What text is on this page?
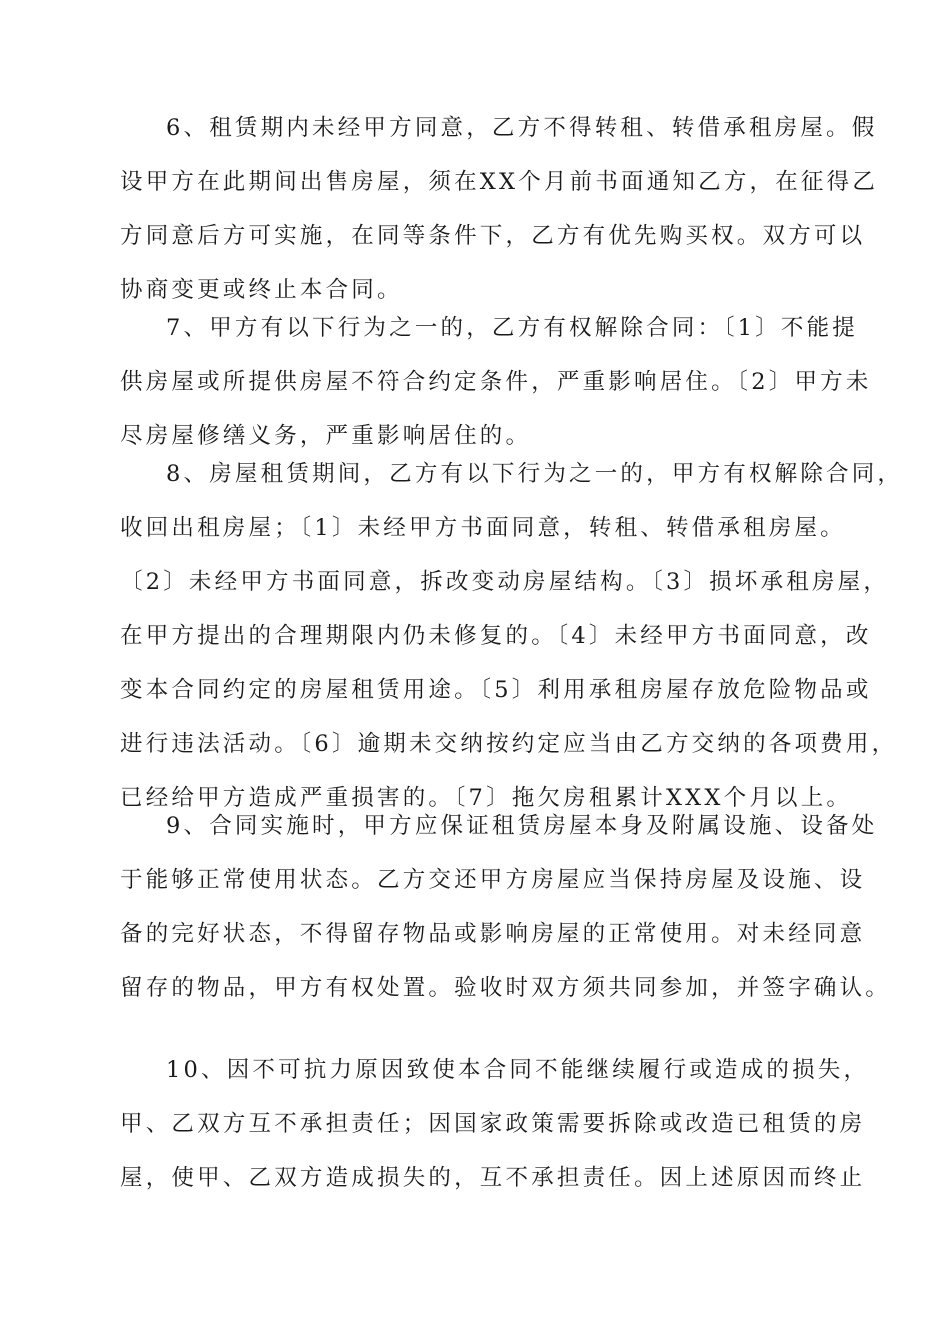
6、租赁期内未经甲方同意，乙方不得转租、转借承租房屋。假
设甲方在此期间出售房屋，须在XX个月前书面通知乙方，在征得乙
方同意后方可实施，在同等条件下，乙方有优先购买权。双方可以
协商变更或终止本合同。
7、甲方有以下行为之一的，乙方有权解除合同：〔1〕不能提
供房屋或所提供房屋不符合约定条件，严重影响居住。〔2〕甲方未
尽房屋修缮义务，严重影响居住的。
8、房屋租赁期间，乙方有以下行为之一的，甲方有权解除合同，
收回出租房屋；〔1〕未经甲方书面同意，转租、转借承租房屋。
〔2〕未经甲方书面同意，拆改变动房屋结构。〔3〕损坏承租房屋，
在甲方提出的合理期限内仍未修复的。〔4〕未经甲方书面同意，改
变本合同约定的房屋租赁用途。〔5〕利用承租房屋存放危险物品或
进行违法活动。〔6〕逾期未交纳按约定应当由乙方交纳的各项费用，
已经给甲方造成严重损害的。〔7〕拖欠房租累计XXX个月以上。
9、合同实施时，甲方应保证租赁房屋本身及附属设施、设备处
于能够正常使用状态。乙方交还甲方房屋应当保持房屋及设施、设
备的完好状态，不得留存物品或影响房屋的正常使用。对未经同意
留存的物品，甲方有权处置。验收时双方须共同参加，并签字确认。
10、因不可抗力原因致使本合同不能继续履行或造成的损失，
甲、乙双方互不承担责任；因国家政策需要拆除或改造已租赁的房
屋，使甲、乙双方造成损失的，互不承担责任。因上述原因而终止
